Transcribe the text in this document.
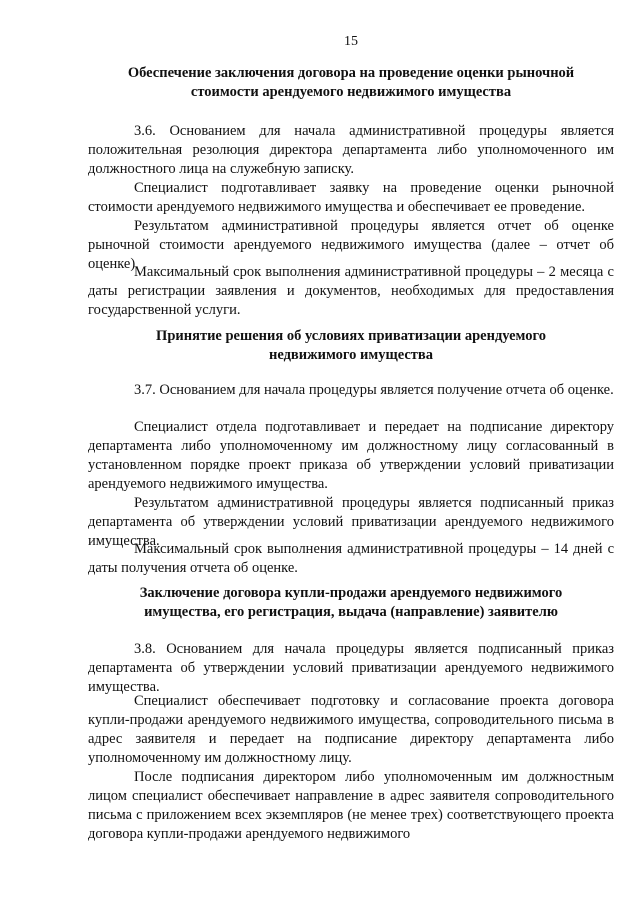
15
Обеспечение заключения договора на проведение оценки рыночной стоимости арендуемого недвижимого имущества
3.6. Основанием для начала административной процедуры является положительная резолюция директора департамента либо уполномоченного им должностного лица на служебную записку.
Специалист подготавливает заявку на проведение оценки рыночной стоимости арендуемого недвижимого имущества и обеспечивает ее проведение.
Результатом административной процедуры является отчет об оценке рыночной стоимости арендуемого недвижимого имущества (далее – отчет об оценке).
Максимальный срок выполнения административной процедуры – 2 месяца с даты регистрации заявления и документов, необходимых для предоставления государственной услуги.
Принятие решения об условиях приватизации арендуемого недвижимого имущества
3.7. Основанием для начала процедуры является получение отчета об оценке.
Специалист отдела подготавливает и передает на подписание директору департамента либо уполномоченному им должностному лицу согласованный в установленном порядке проект приказа об утверждении условий приватизации арендуемого недвижимого имущества.
Результатом административной процедуры является подписанный приказ департамента об утверждении условий приватизации арендуемого недвижимого имущества.
Максимальный срок выполнения административной процедуры – 14 дней с даты получения отчета об оценке.
Заключение договора купли-продажи арендуемого недвижимого имущества, его регистрация, выдача (направление) заявителю
3.8. Основанием для начала процедуры является подписанный приказ департамента об утверждении условий приватизации арендуемого недвижимого имущества.
Специалист обеспечивает подготовку и согласование проекта договора купли-продажи арендуемого недвижимого имущества, сопроводительного письма в адрес заявителя и передает на подписание директору департамента либо уполномоченному им должностному лицу.
После подписания директором либо уполномоченным им должностным лицом специалист обеспечивает направление в адрес заявителя сопроводительного письма с приложением всех экземпляров (не менее трех) соответствующего проекта договора купли-продажи арендуемого недвижимого
